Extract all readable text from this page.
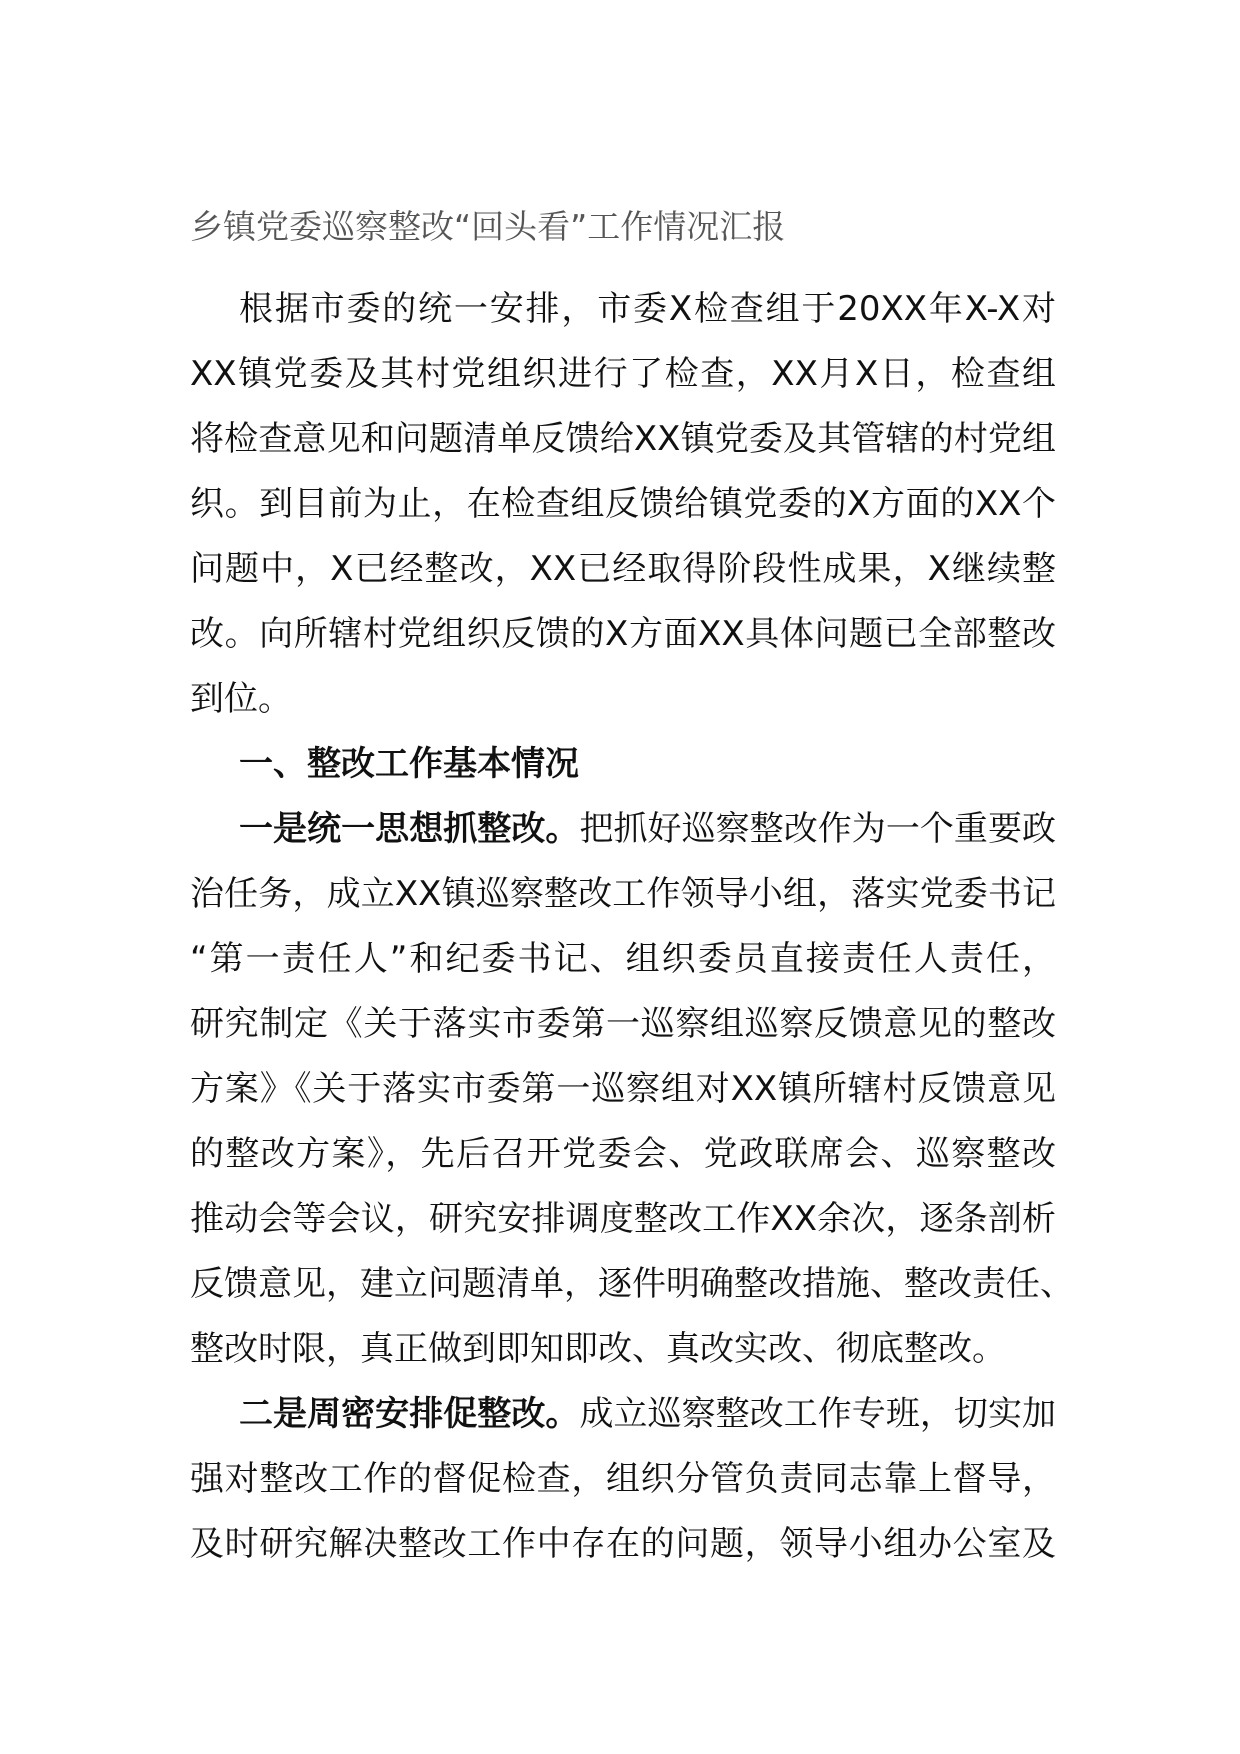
乡镇党委巡察整改“回头看”工作情况汇报
根据市委的统一安排，市委X检查组于20XX年X-X对
XX镇党委及其村党组织进行了检查，XX月X日，检查组
将检查意见和问题清单反馈给XX镇党委及其管辖的村党组
织。到目前为止，在检查组反馈给镇党委的X方面的XX个
问题中，X已经整改，XX已经取得阶段性成果，X继续整
改。向所辖村党组织反馈的X方面XX具体问题已全部整改
到位。
一、整改工作基本情况
一是统一思想抓整改。把抓好巡察整改作为一个重要政
治任务，成立XX镇巡察整改工作领导小组，落实党委书记
“第一责任人”和纪委书记、组织委员直接责任人责任，
研究制定《关于落实市委第一巡察组巡察反馈意见的整改
方案》《关于落实市委第一巡察组对XX镇所辖村反馈意见
的整改方案》，先后召开党委会、党政联席会、巡察整改
推动会等会议，研究安排调度整改工作XX余次，逐条剖析
反馈意见，建立问题清单，逐件明确整改措施、整改责任、
整改时限，真正做到即知即改、真改实改、彻底整改。
二是周密安排促整改。成立巡察整改工作专班，切实加
强对整改工作的督促检查，组织分管负责同志靠上督导，
及时研究解决整改工作中存在的问题，领导小组办公室及
